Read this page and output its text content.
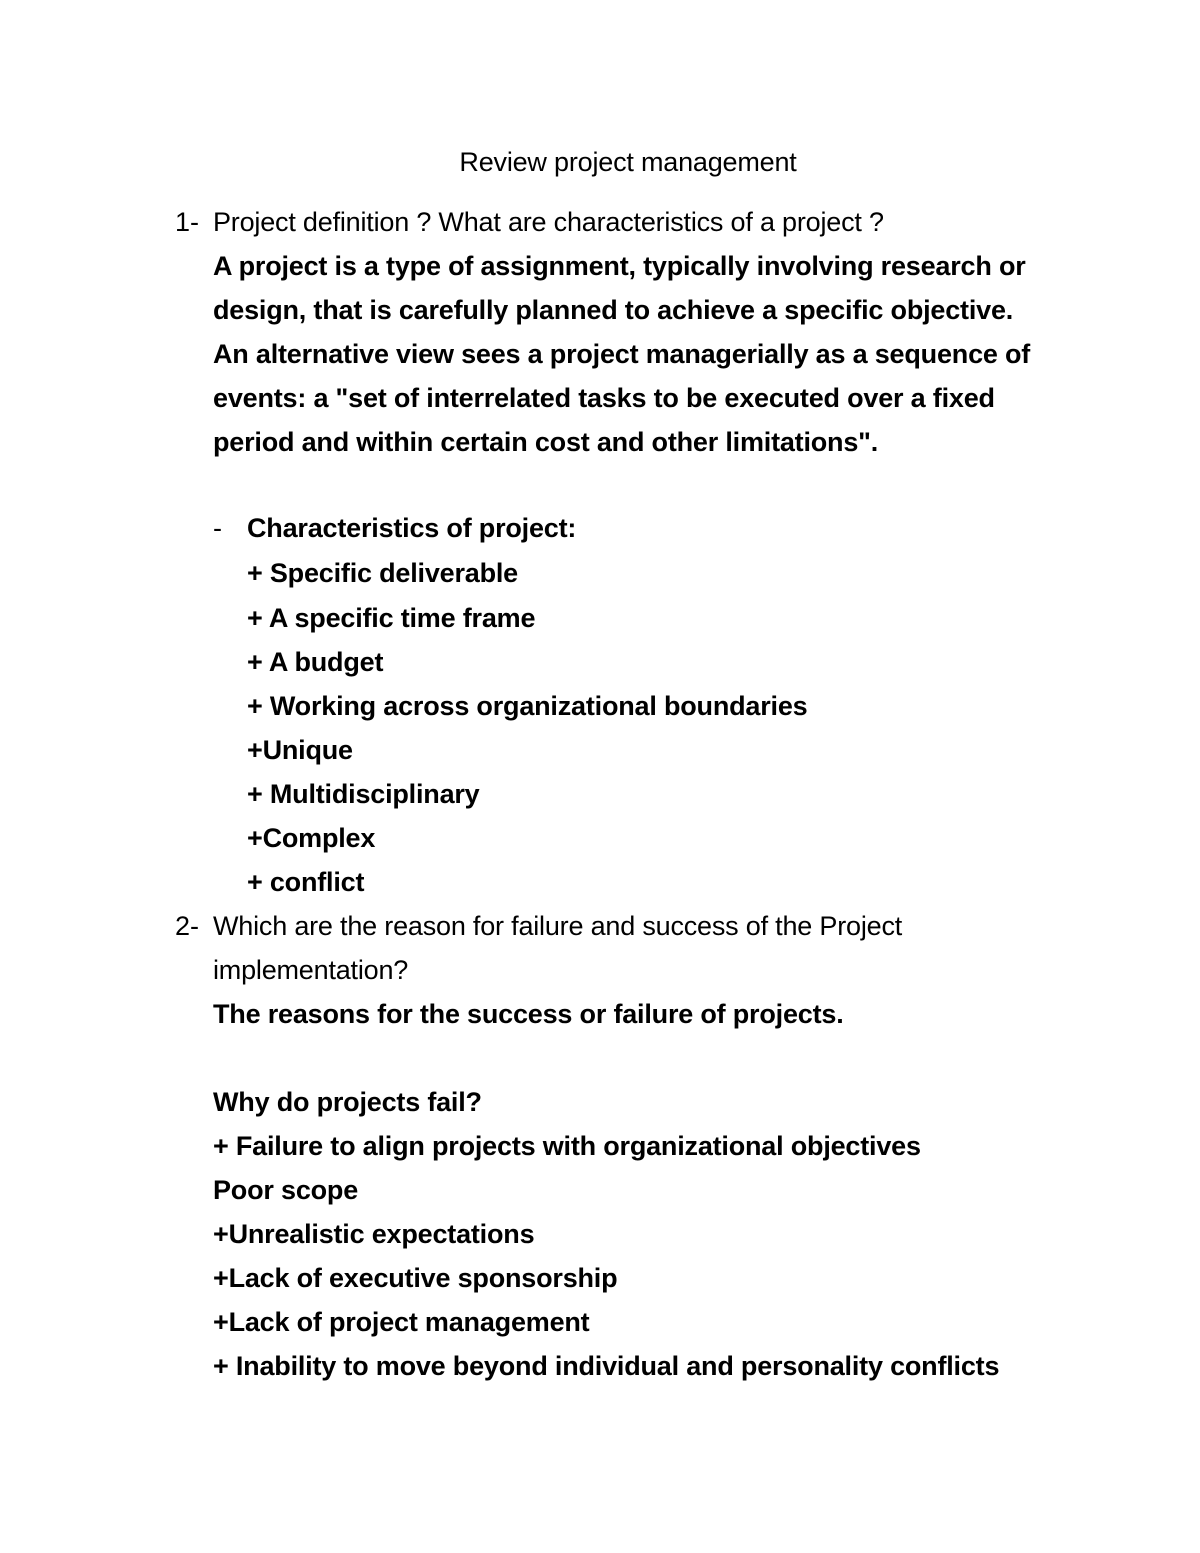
Review project management
1- Project definition ? What are characteristics of a project ?
A project is a type of assignment, typically involving research or
design, that is carefully planned to achieve a specific objective.
An alternative view sees a project managerially as a sequence of
events: a "set of interrelated tasks to be executed over a fixed
period and within certain cost and other limitations".
- Characteristics of project:
+ Specific deliverable
+ A specific time frame
+ A budget
+ Working across organizational boundaries
+Unique
+ Multidisciplinary
+Complex
+ conflict
2- Which are the reason for failure and success of the Project
implementation?
The reasons for the success or failure of projects.
Why do projects fail?
+ Failure to align projects with organizational objectives
Poor scope
+Unrealistic expectations
+Lack of executive sponsorship
+Lack of project management
+ Inability to move beyond individual and personality conflicts
